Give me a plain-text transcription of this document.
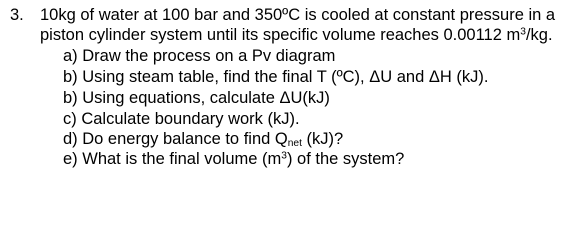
3. 10kg of water at 100 bar and 350ºC is cooled at constant pressure in a
piston cylinder system until its specific volume reaches 0.00112 $m^3/kg$.
a) Draw the process on a Pv diagram
b) Using steam table, find the final T (ºC), ΔU and ΔH (kJ).
b) Using equations, calculate ΔU(kJ)
c) Calculate boundary work (kJ).
d) Do energy balance to find $Q_{net}$ (kJ)?
e) What is the final volume $(m^3)$ of the system?
